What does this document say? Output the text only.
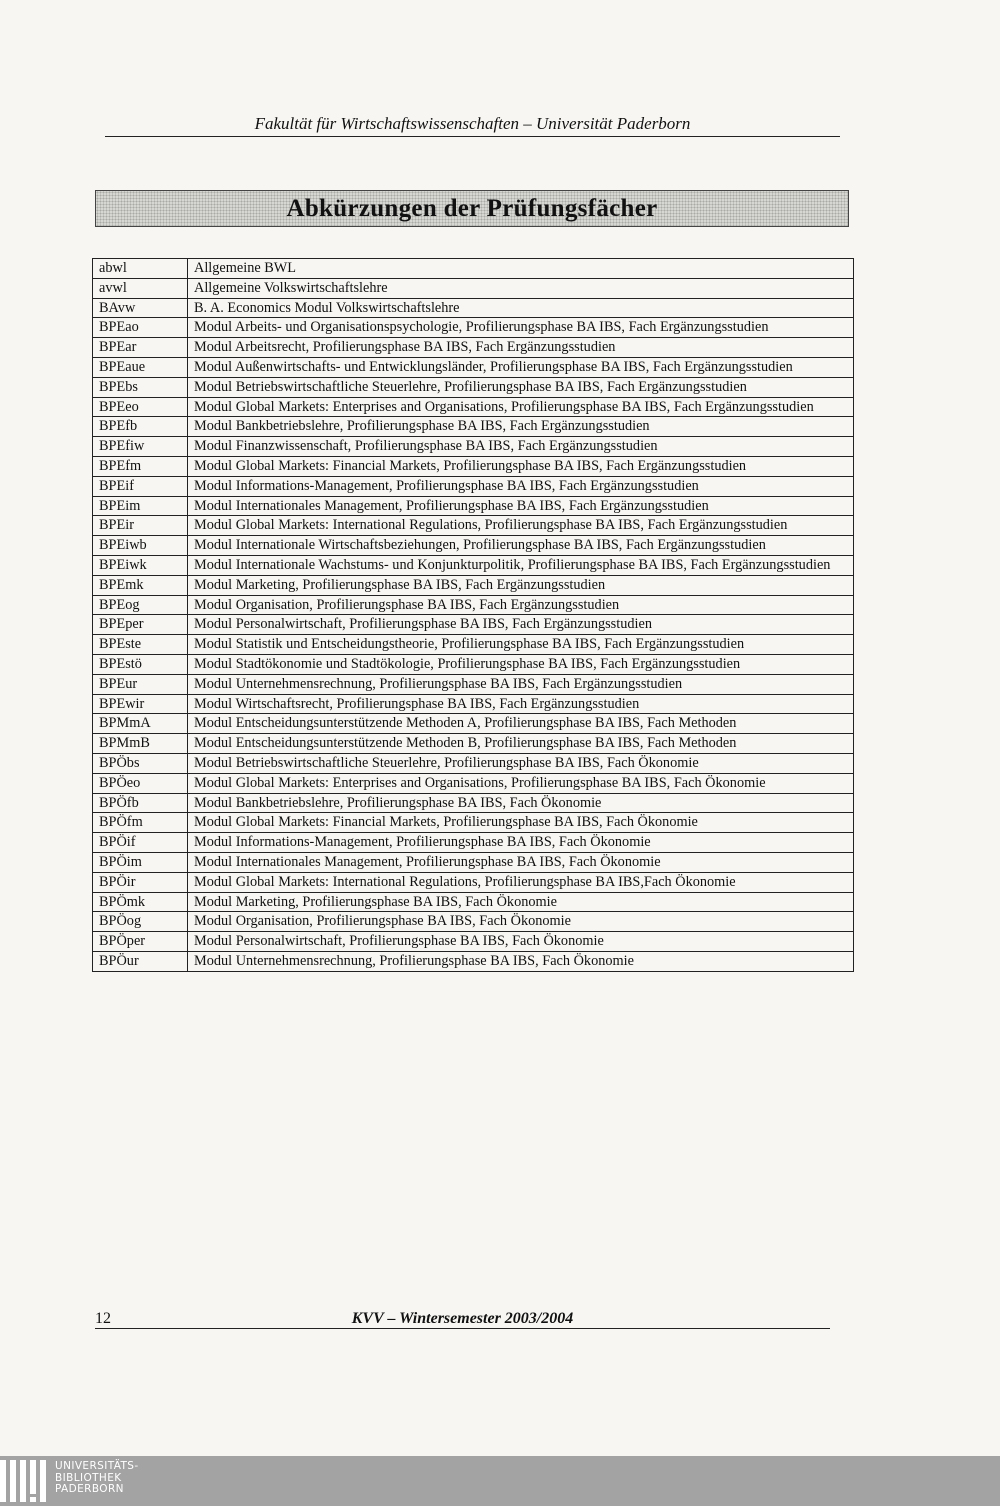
Fakultät für Wirtschaftswissenschaften – Universität Paderborn
Abkürzungen der Prüfungsfächer
abwl	Allgemeine BWL
avwl	Allgemeine Volkswirtschaftslehre
BAvw	B. A. Economics Modul Volkswirtschaftslehre
BPEao	Modul Arbeits- und Organisationspsychologie, Profilierungsphase BA IBS, Fach Ergänzungsstudien
BPEar	Modul Arbeitsrecht, Profilierungsphase BA IBS, Fach Ergänzungsstudien
BPEaue	Modul Außenwirtschafts- und Entwicklungsländer, Profilierungsphase BA IBS, Fach Ergänzungsstudien
BPEbs	Modul Betriebswirtschaftliche Steuerlehre, Profilierungsphase BA IBS, Fach Ergänzungsstudien
BPEeo	Modul Global Markets: Enterprises and Organisations, Profilierungsphase BA IBS, Fach Ergänzungsstudien
BPEfb	Modul Bankbetriebslehre, Profilierungsphase BA IBS, Fach Ergänzungsstudien
BPEfiw	Modul Finanzwissenschaft, Profilierungsphase BA IBS, Fach Ergänzungsstudien
BPEfm	Modul Global Markets: Financial Markets, Profilierungsphase BA IBS, Fach Ergänzungsstudien
BPEif	Modul Informations-Management, Profilierungsphase BA IBS, Fach Ergänzungsstudien
BPEim	Modul Internationales Management, Profilierungsphase BA IBS, Fach Ergänzungsstudien
BPEir	Modul Global Markets: International Regulations, Profilierungsphase BA IBS, Fach Ergänzungsstudien
BPEiwb	Modul Internationale Wirtschaftsbeziehungen, Profilierungsphase BA IBS, Fach Ergänzungsstudien
BPEiwk	Modul Internationale Wachstums- und Konjunkturpolitik, Profilierungsphase BA IBS, Fach Ergänzungsstudien
BPEmk	Modul Marketing, Profilierungsphase BA IBS, Fach Ergänzungsstudien
BPEog	Modul Organisation, Profilierungsphase BA IBS, Fach Ergänzungsstudien
BPEper	Modul Personalwirtschaft, Profilierungsphase BA IBS, Fach Ergänzungsstudien
BPEste	Modul Statistik und Entscheidungstheorie, Profilierungsphase BA IBS, Fach Ergänzungsstudien
BPEstö	Modul Stadtökonomie und Stadtökologie, Profilierungsphase BA IBS, Fach Ergänzungsstudien
BPEur	Modul Unternehmensrechnung, Profilierungsphase BA IBS, Fach Ergänzungsstudien
BPEwir	Modul Wirtschaftsrecht, Profilierungsphase BA IBS, Fach Ergänzungsstudien
BPMmA	Modul Entscheidungsunterstützende Methoden A, Profilierungsphase BA IBS, Fach Methoden
BPMmB	Modul Entscheidungsunterstützende Methoden B, Profilierungsphase BA IBS, Fach Methoden
BPÖbs	Modul Betriebswirtschaftliche Steuerlehre, Profilierungsphase BA IBS, Fach Ökonomie
BPÖeo	Modul Global Markets: Enterprises and Organisations, Profilierungsphase BA IBS, Fach Ökonomie
BPÖfb	Modul Bankbetriebslehre, Profilierungsphase BA IBS, Fach Ökonomie
BPÖfm	Modul Global Markets: Financial Markets, Profilierungsphase BA IBS, Fach Ökonomie
BPÖif	Modul Informations-Management, Profilierungsphase BA IBS, Fach Ökonomie
BPÖim	Modul Internationales Management, Profilierungsphase BA IBS, Fach Ökonomie
BPÖir	Modul Global Markets: International Regulations, Profilierungsphase BA IBS,Fach Ökonomie
BPÖmk	Modul Marketing, Profilierungsphase BA IBS, Fach Ökonomie
BPÖog	Modul Organisation, Profilierungsphase BA IBS, Fach Ökonomie
BPÖper	Modul Personalwirtschaft, Profilierungsphase BA IBS, Fach Ökonomie
BPÖur	Modul Unternehmensrechnung, Profilierungsphase BA IBS, Fach Ökonomie
12	KVV – Wintersemester 2003/2004
UNIVERSITÄTS-
BIBLIOTHEK
PADERBORN
